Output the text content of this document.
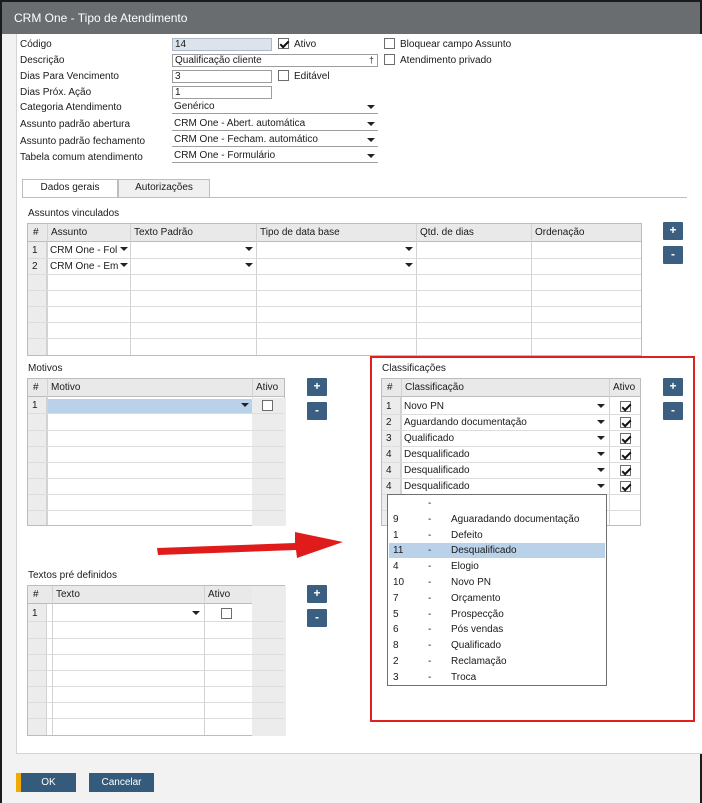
CRM One - Tipo de Atendimento
Código	14	Ativo
Descrição	Qualificação cliente	†
Dias Para Vencimento	3	Editável
Dias Próx. Ação	1
Categoria Atendimento	Genérico
Assunto padrão abertura	CRM One - Abert. automática
Assunto padrão fechamento	CRM One - Fecham. automático
Tabela comum atendimento	CRM One - Formulário
Bloquear campo Assunto
Atendimento privado
Dados gerais	Autorizações
Assuntos vinculados
# Assunto	Texto Padrão	Tipo de data base	Qtd. de dias	Ordenação
1 CRM One - Fol
2 CRM One - Em
+
-
Motivos
# Motivo	Ativo
1
+
-
Textos pré definidos
# Texto	Ativo
1
+
-
Classificações
# Classificação	Ativo
1 Novo PN
2 Aguardando documentação
3 Qualificado
4 Desqualificado
4 Desqualificado
4 Desqualificado
+
-
-
9	- Aguaradando documentação
1	- Defeito
11 - Desqualificado
4	- Elogio
10 - Novo PN
7	- Orçamento
5	- Prospecção
6	- Pós vendas
8	- Qualificado
2	- Reclamação
3	- Troca
OK	Cancelar
